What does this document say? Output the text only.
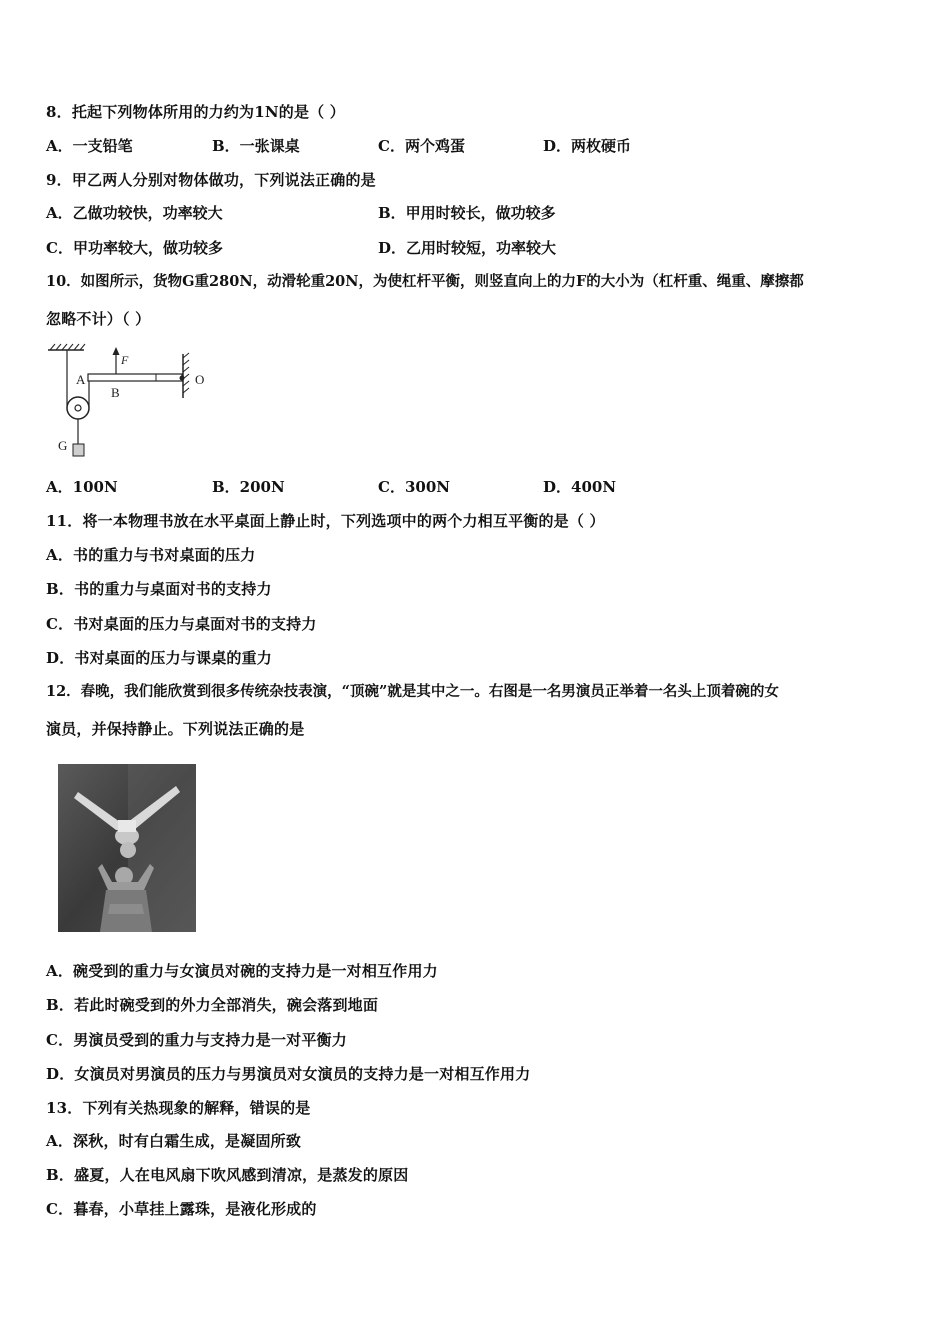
8．托起下列物体所用的力约为1N的是（ ）
A．一支铅笔	B．一张课桌	C．两个鸡蛋	D．两枚硬币
9．甲乙两人分别对物体做功，下列说法正确的是
A．乙做功较快，功率较大	B．甲用时较长，做功较多
C．甲功率较大，做功较多	D．乙用时较短，功率较大
10．如图所示，货物G重280N，动滑轮重20N，为使杠杆平衡，则竖直向上的力F的大小为（杠杆重、绳重、摩擦都
忽略不计）（ ）
F
A
B
O
G
A．100N	B．200N	C．300N	D．400N
11．将一本物理书放在水平桌面上静止时，下列选项中的两个力相互平衡的是（ ）
A．书的重力与书对桌面的压力
B．书的重力与桌面对书的支持力
C．书对桌面的压力与桌面对书的支持力
D．书对桌面的压力与课桌的重力
12．春晚，我们能欣赏到很多传统杂技表演，“顶碗”就是其中之一。右图是一名男演员正举着一名头上顶着碗的女
演员，并保持静止。下列说法正确的是
A．碗受到的重力与女演员对碗的支持力是一对相互作用力
B．若此时碗受到的外力全部消失，碗会落到地面
C．男演员受到的重力与支持力是一对平衡力
D．女演员对男演员的压力与男演员对女演员的支持力是一对相互作用力
13．下列有关热现象的解释，错误的是
A．深秋，时有白霜生成，是凝固所致
B．盛夏，人在电风扇下吹风感到清凉，是蒸发的原因
C．暮春，小草挂上露珠，是液化形成的
